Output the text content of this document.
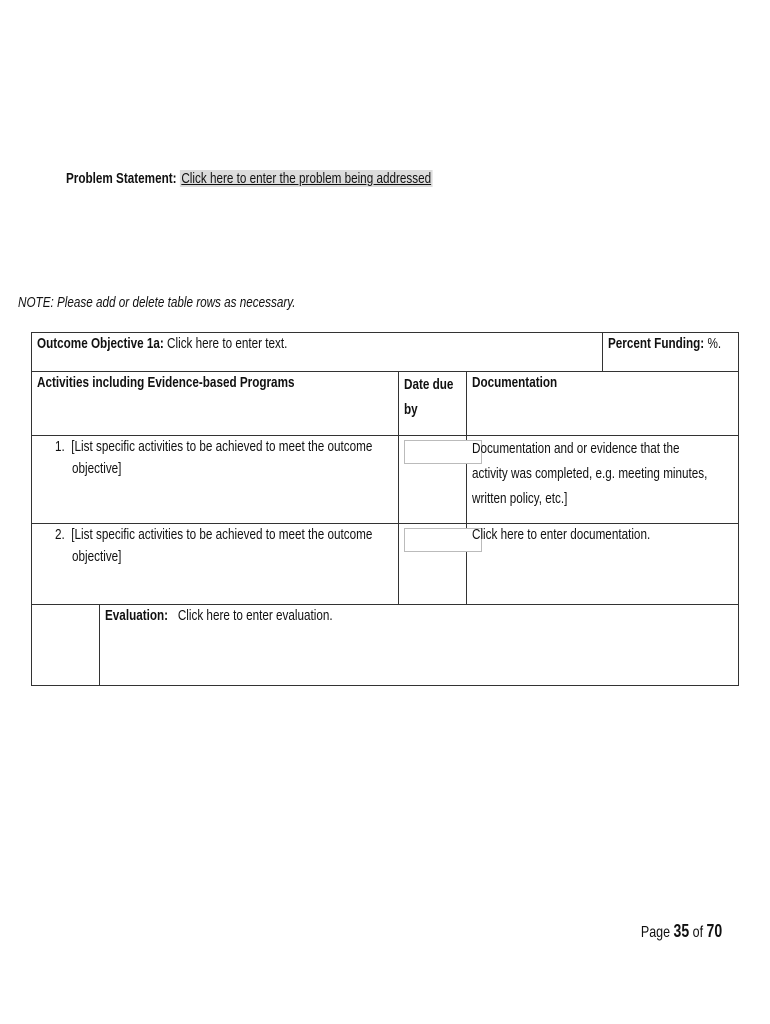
Problem Statement: Click here to enter the problem being addressed
NOTE: Please add or delete table rows as necessary.
Outcome Objective 1a: Click here to enter text.	Percent Funding: %.
Activities including Evidence-based Programs	Date due
by
Documentation
1. [List specific activities to be achieved to meet the outcome
objective]
Documentation and or evidence that the
activity was completed, e.g. meeting minutes,
written policy, etc.]
2. [List specific activities to be achieved to meet the outcome
objective]
Click here to enter documentation.
Evaluation: Click here to enter evaluation.
Page 35 of 70
